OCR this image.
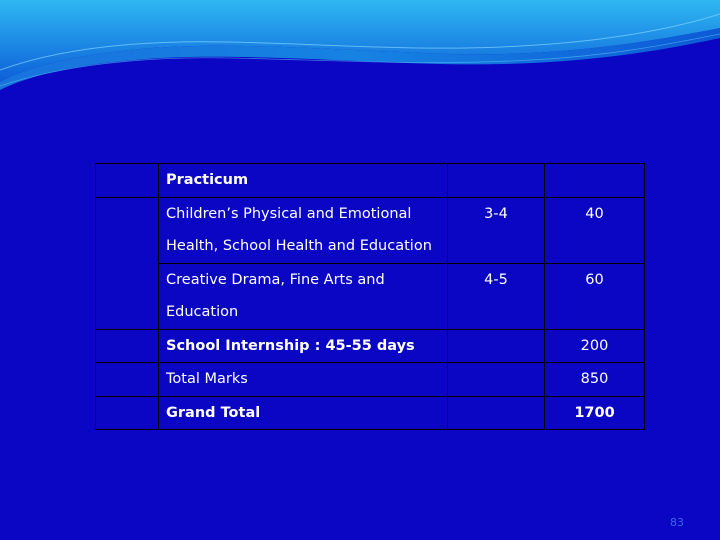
	Practicum		

	Children’s Physical and Emotional
Health, School Health and Education	3-4	40

	Creative Drama, Fine Arts and
Education	4-5	60

	School Internship : 45-55 days		200
	Total Marks		850
	Grand Total		1700
83
